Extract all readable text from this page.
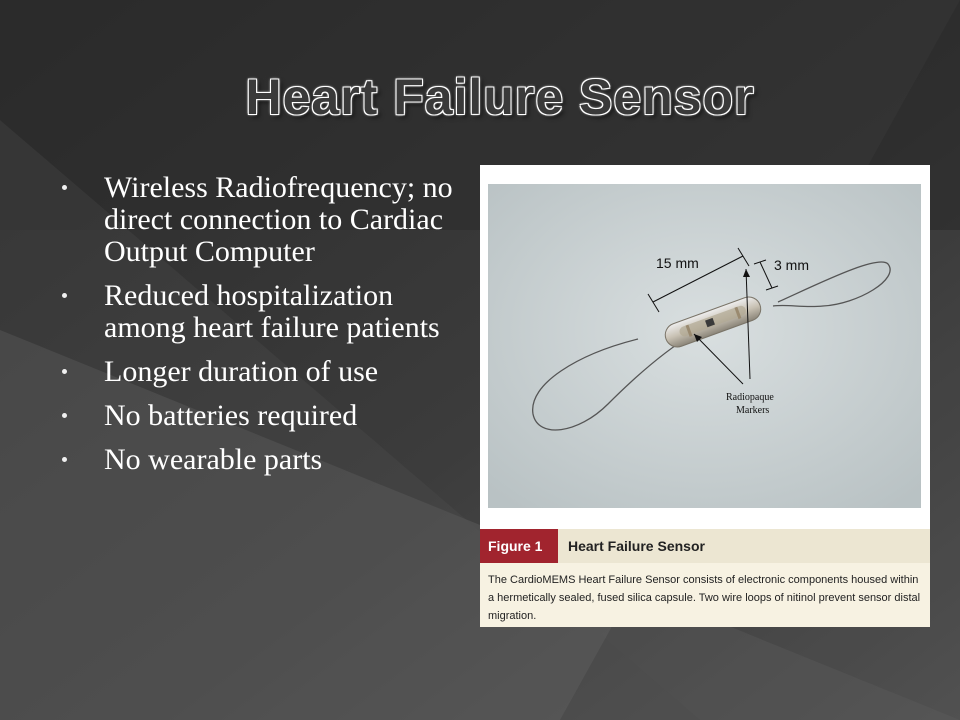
Heart Failure Sensor
Wireless Radiofrequency; no direct connection to Cardiac Output Computer
Reduced hospitalization among heart failure patients
Longer duration of use
No batteries required
No wearable parts
15 mm	3 mm
Radiopaque
Markers
Figure 1	Heart Failure Sensor
The CardioMEMS Heart Failure Sensor consists of electronic components housed within a hermetically sealed, fused silica capsule. Two wire loops of nitinol prevent sensor distal migration.
